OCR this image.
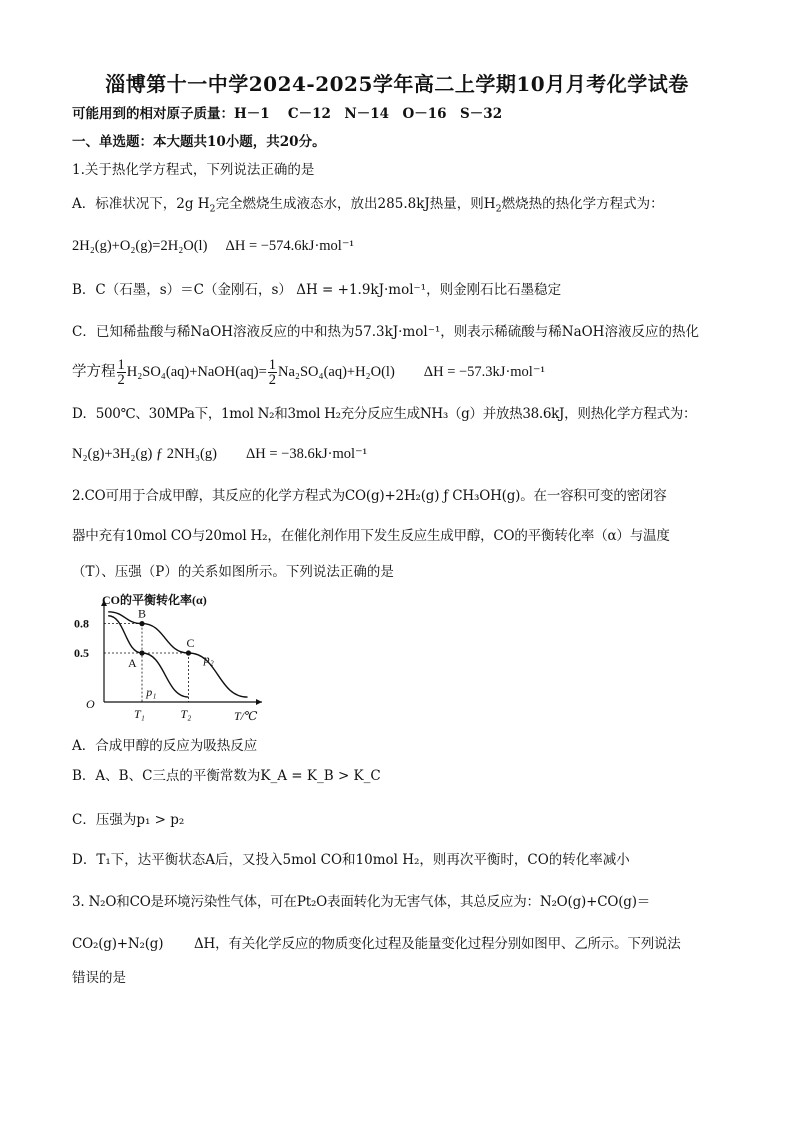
淄博第十一中学2024-2025学年高二上学期10月月考化学试卷
可能用到的相对原子质量：H－1　 C－12　N－14　O－16　S－32
一、单选题：本大题共10小题，共20分。
1.关于热化学方程式，下列说法正确的是
A．标准状况下，2g $H_2$完全燃烧生成液态水，放出285.8kJ热量，则$H_2$燃烧热的热化学方程式为：
2H₂(g)+O₂(g)=2H₂O(l)　 ΔH = −574.6kJ·mol⁻¹
B．C（石墨，s）＝C（金刚石，s） ΔH = +1.9kJ·mol⁻¹，则金刚石比石墨稳定
C．已知稀盐酸与稀NaOH溶液反应的中和热为57.3kJ·mol⁻¹，则表示稀硫酸与稀NaOH溶液反应的热化
学方程 $\frac{1}{2}$ H₂SO₄(aq)+NaOH(aq)= $\frac{1}{2} Na_2SO_4(aq)+H_2O(l)$　　ΔH = −57.3kJ·mol⁻¹
D．500℃、30MPa下，1mol N₂和3mol H₂充分反应生成NH₃（g）并放热38.6kJ，则热化学方程式为：
N₂(g)+3H₂(g) ƒ 2NH₃(g)　　ΔH = −38.6kJ·mol⁻¹
2.CO可用于合成甲醇，其反应的化学方程式为CO(g)+2H₂(g) ƒ CH₃OH(g)。在一容积可变的密闭容
器中充有10mol CO与20mol H₂，在催化剂作用下发生反应生成甲醇，CO的平衡转化率（α）与温度
（T）、压强（P）的关系如图所示。下列说法正确的是
CO的平衡转化率(α)
O
T/℃
0.8
0.5
T₁	T₂
A
B
C
p₁
p₂
A．合成甲醇的反应为吸热反应
B．A、B、C三点的平衡常数为K_A = K_B > K_C
C．压强为p₁ > p₂
D．T₁下，达平衡状态A后，又投入5mol CO和10mol H₂，则再次平衡时，CO的转化率减小
3. N₂O和CO是环境污染性气体，可在Pt₂O表面转化为无害气体，其总反应为：N₂O(g)+CO(g)＝
CO₂(g)+N₂(g)　　 ΔH，有关化学反应的物质变化过程及能量变化过程分别如图甲、乙所示。下列说法
错误的是
